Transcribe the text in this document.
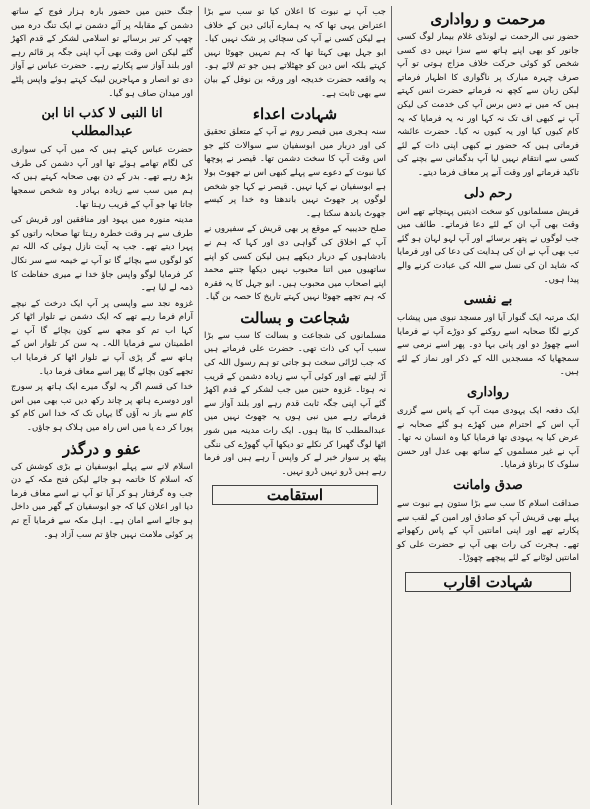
مرحمت و رواداری

حضور نبی الرحمت نے لونڈی غلام بیمار لوگ کسی جانور کو بھی اپنے ہاتھ سے سزا نہیں دی کسی شخص کو کوئی حرکت خلاف مزاج ہوتی تو آپ صرف چہرہ مبارک پر ناگواری کا اظہار فرماتے لیکن زبان سے کچھ نہ فرماتے حضرت انس کہتے ہیں کہ میں نے دس برس آپ کی خدمت کی لیکن آپ نے کبھی اف تک نہ کہا اور نہ یہ فرمایا کہ یہ کام کیوں کیا اور یہ کیوں نہ کیا۔ حضرت عائشہ فرماتی ہیں کہ حضور نے کبھی اپنی ذات کے لئے کسی سے انتقام نہیں لیا آپ بدگمانی سے بچنے کی تاکید فرماتے اور وقت آنے پر معاف فرما دیتے۔

رحم دلی

قریش مسلمانوں کو سخت اذیتیں پہنچاتے تھے اس وقت بھی آپ ان کے لئے دعا فرماتے۔ طائف میں جب لوگوں نے پتھر برسائے اور آپ لہو لہان ہو گئے تب بھی آپ نے ان کی ہدایت کی دعا کی اور فرمایا کہ شاید ان کی نسل سے اللہ کی عبادت کرنے والے پیدا ہوں۔

بے نفسی

ایک مرتبہ ایک گنوار آیا اور مسجد نبوی میں پیشاب کرنے لگا صحابہ اسے روکنے کو دوڑے آپ نے فرمایا اسے چھوڑ دو اور پانی بہا دو۔ پھر اسے نرمی سے سمجھایا کہ مسجدیں اللہ کے ذکر اور نماز کے لئے ہیں۔

رواداری

ایک دفعہ ایک یہودی میت آپ کے پاس سے گزری آپ اس کے احترام میں کھڑے ہو گئے صحابہ نے عرض کیا یہ یہودی تھا فرمایا کیا وہ انسان نہ تھا۔ آپ نے غیر مسلموں کے ساتھ بھی عدل اور حسن سلوک کا برتاؤ فرمایا۔

صدق وامانت

صداقت اسلام کا سب سے بڑا ستون ہے نبوت سے پہلے بھی قریش آپ کو صادق اور امین کے لقب سے پکارتے تھے اور اپنی امانتیں آپ کے پاس رکھواتے تھے۔ ہجرت کی رات بھی آپ نے حضرت علی کو امانتیں لوٹانے کے لئے پیچھے چھوڑا۔

شہادت اقارب

جب آپ نے نبوت کا اعلان کیا تو سب سے بڑا اعتراض یہی تھا کہ یہ ہمارے آبائی دین کے خلاف ہے لیکن کسی نے آپ کی سچائی پر شک نہیں کیا۔ ابو جہل بھی کہتا تھا کہ ہم تمہیں جھوٹا نہیں کہتے بلکہ اس دین کو جھٹلاتے ہیں جو تم لائے ہو۔ یہ واقعہ حضرت خدیجہ اور ورقہ بن نوفل کے بیان سے بھی ثابت ہے۔

شہادت اعداء

سنہ ہجری میں قیصر روم نے آپ کے متعلق تحقیق کی اور دربار میں ابوسفیان سے سوالات کئے جو اس وقت آپ کا سخت دشمن تھا۔ قیصر نے پوچھا کیا نبوت کے دعوے سے پہلے کبھی اس نے جھوٹ بولا ہے ابوسفیان نے کہا نہیں۔ قیصر نے کہا جو شخص لوگوں پر جھوٹ نہیں باندھتا وہ خدا پر کیسے جھوٹ باندھ سکتا ہے۔

صلح حدیبیہ کے موقع پر بھی قریش کے سفیروں نے آپ کے اخلاق کی گواہی دی اور کہا کہ ہم نے بادشاہوں کے دربار دیکھے ہیں لیکن کسی کو اپنے ساتھیوں میں اتنا محبوب نہیں دیکھا جتنے محمد اپنے اصحاب میں محبوب ہیں۔ ابو جہل کا یہ فقرہ کہ ہم تجھے جھوٹا نہیں کہتے تاریخ کا حصہ بن گیا۔

شجاعت و بسالت

مسلمانوں کی شجاعت و بسالت کا سب سے بڑا سبب آپ کی ذات تھی۔ حضرت علی فرماتے ہیں کہ جب لڑائی سخت ہو جاتی تو ہم رسول اللہ کی آڑ لیتے تھے اور کوئی آپ سے زیادہ دشمن کے قریب نہ ہوتا۔ غزوہ حنین میں جب لشکر کے قدم اکھڑ گئے آپ اپنی جگہ ثابت قدم رہے اور بلند آواز سے فرماتے رہے میں نبی ہوں یہ جھوٹ نہیں میں عبدالمطلب کا بیٹا ہوں۔ ایک رات مدینہ میں شور اٹھا لوگ گھبرا کر نکلے تو دیکھا آپ گھوڑے کی ننگی پیٹھ پر سوار خبر لے کر واپس آ رہے ہیں اور فرما رہے ہیں ڈرو نہیں ڈرو نہیں۔

استقامت

جنگ حنین میں حضور بارہ ہزار فوج کے ساتھ دشمن کے مقابلہ پر آئے دشمن نے ایک تنگ درہ میں چھپ کر تیر برسائے تو اسلامی لشکر کے قدم اکھڑ گئے لیکن اس وقت بھی آپ اپنی جگہ پر قائم رہے اور بلند آواز سے پکارتے رہے۔ حضرت عباس نے آواز دی تو انصار و مہاجرین لبیک کہتے ہوئے واپس پلٹے اور میدان صاف ہو گیا۔

انا النبی لا کذب انا ابن عبدالمطلب

حضرت عباس کہتے ہیں کہ میں آپ کی سواری کی لگام تھامے ہوئے تھا اور آپ دشمن کی طرف بڑھ رہے تھے۔ بدر کے دن بھی صحابہ کہتے ہیں کہ ہم میں سب سے زیادہ بہادر وہ شخص سمجھا جاتا تھا جو آپ کے قریب رہتا تھا۔

مدینہ منورہ میں یہود اور منافقین اور قریش کی طرف سے ہر وقت خطرہ رہتا تھا صحابہ راتوں کو پہرا دیتے تھے۔ جب یہ آیت نازل ہوئی کہ اللہ تم کو لوگوں سے بچائے گا تو آپ نے خیمہ سے سر نکال کر فرمایا لوگو واپس جاؤ خدا نے میری حفاظت کا ذمہ لے لیا ہے۔

غزوہ نجد سے واپسی پر آپ ایک درخت کے نیچے آرام فرما رہے تھے کہ ایک دشمن نے تلوار اٹھا کر کہا اب تم کو مجھ سے کون بچائے گا آپ نے اطمینان سے فرمایا اللہ۔ یہ سن کر تلوار اس کے ہاتھ سے گر پڑی آپ نے تلوار اٹھا کر فرمایا اب تجھے کون بچائے گا پھر اسے معاف فرما دیا۔

خدا کی قسم اگر یہ لوگ میرے ایک ہاتھ پر سورج اور دوسرے ہاتھ پر چاند رکھ دیں تب بھی میں اس کام سے باز نہ آؤں گا یہاں تک کہ خدا اس کام کو پورا کر دے یا میں اس راہ میں ہلاک ہو جاؤں۔

عفو و درگذر

اسلام لانے سے پہلے ابوسفیان نے بڑی کوشش کی کہ اسلام کا خاتمہ ہو جائے لیکن فتح مکہ کے دن جب وہ گرفتار ہو کر آیا تو آپ نے اسے معاف فرما دیا اور اعلان کیا کہ جو ابوسفیان کے گھر میں داخل ہو جائے اسے امان ہے۔ اہل مکہ سے فرمایا آج تم پر کوئی ملامت نہیں جاؤ تم سب آزاد ہو۔
